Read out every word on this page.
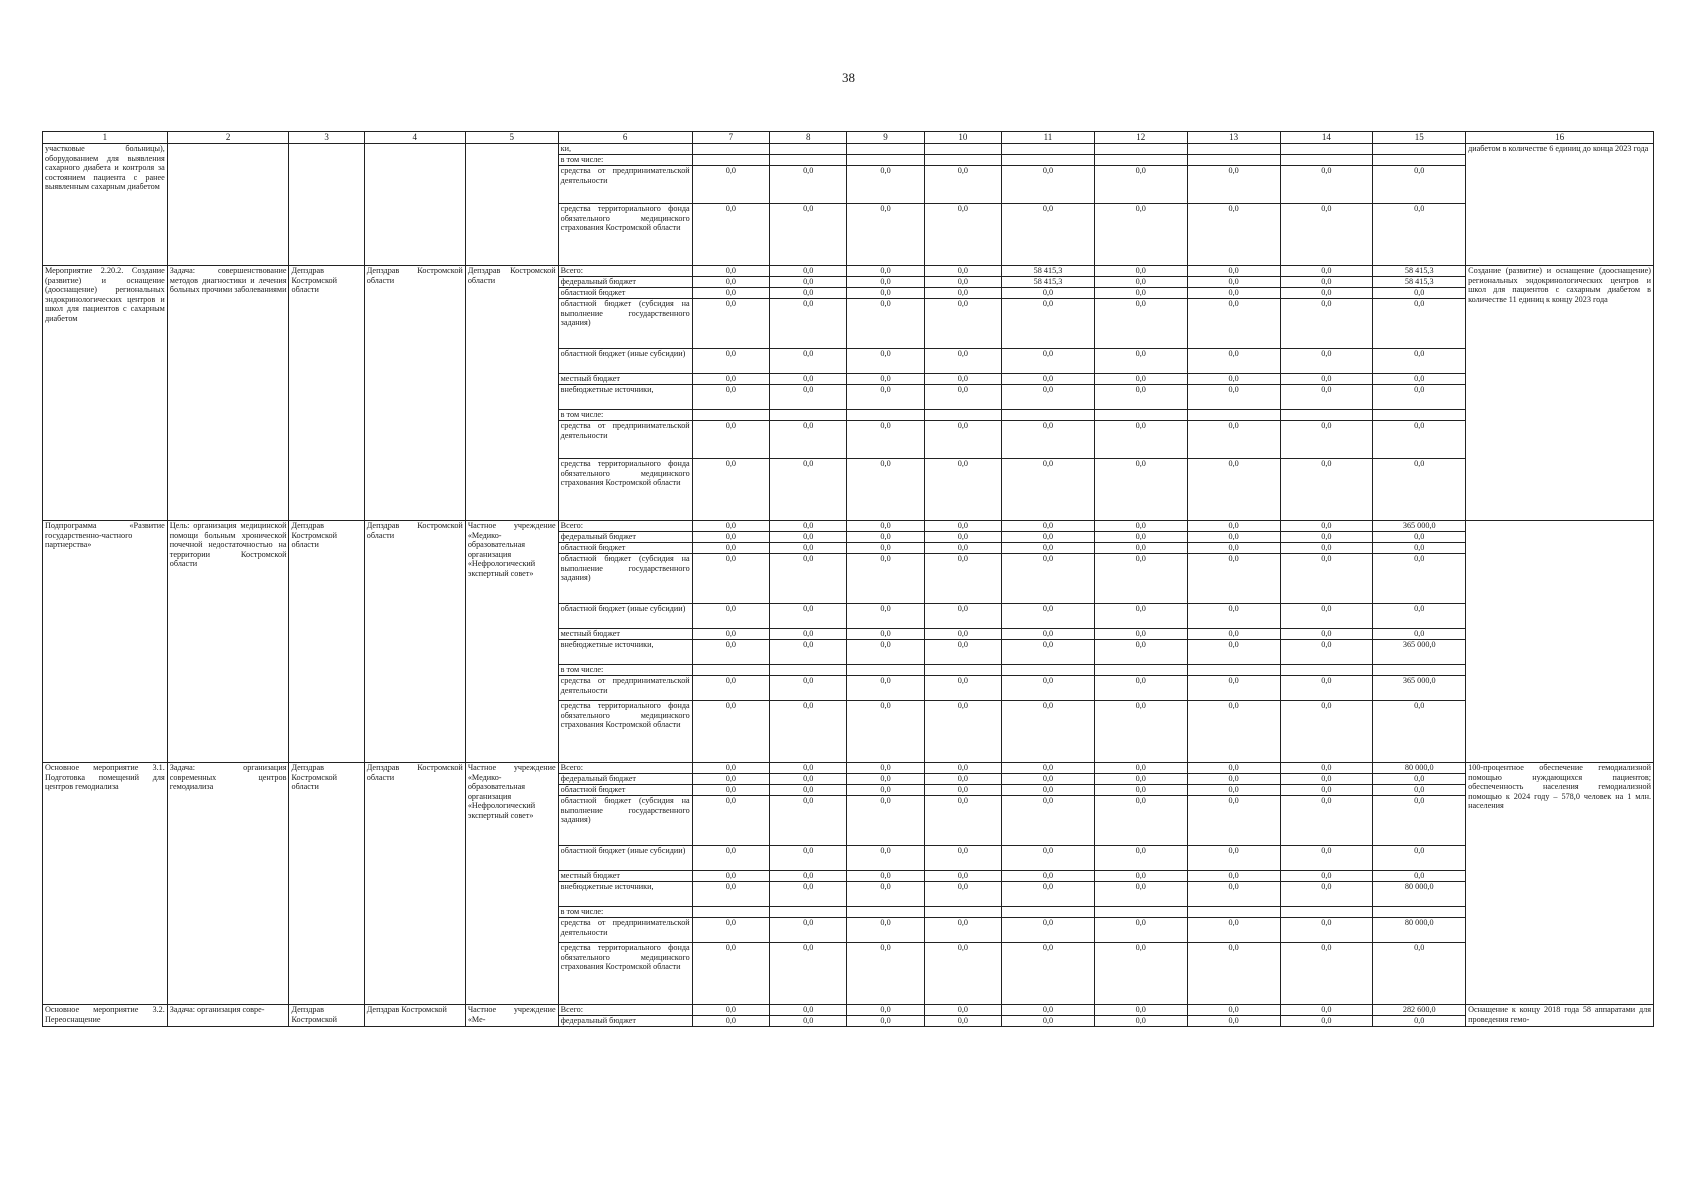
38
1	2	3	4	5	6	7	8	9	10	11	12	13	14	15	16
участковые больницы), оборудованием для выявления сахарного диабета и контроля за состоянием пациента с ранее выявленным сахарным диабетом					ки,										диабетом в количестве 6 единиц до конца 2023 года
					в том числе:										
					средства от предпринимательской деятельности	0,0	0,0	0,0	0,0	0,0	0,0	0,0	0,0	0,0	
					средства территориального фонда обязательного медицинского страхования Костромской области	0,0	0,0	0,0	0,0	0,0	0,0	0,0	0,0	0,0	
Мероприятие 2.20.2. Создание (развитие) и оснащение (дооснащение) региональных эндокринологических центров и школ для пациентов с сахарным диабетом	Задача: совершенствование методов диагностики и лечения больных прочими заболеваниями	Депздрав Костромской области	Депздрав Костромской области	Депздрав Костромской области	Всего:	0,0	0,0	0,0	0,0	58 415,3	0,0	0,0	0,0	58 415,3	Создание (развитие) и оснащение (дооснащение) региональных эндокринологических центров и школ для пациентов с сахарным диабетом в количестве 11 единиц к концу 2023 года
					федеральный бюджет	0,0	0,0	0,0	0,0	58 415,3	0,0	0,0	0,0	58 415,3	
					областной бюджет	0,0	0,0	0,0	0,0	0,0	0,0	0,0	0,0	0,0	
					областной бюджет (субсидия на выполнение государственного задания)	0,0	0,0	0,0	0,0	0,0	0,0	0,0	0,0	0,0	
					областной бюджет (иные субсидии)	0,0	0,0	0,0	0,0	0,0	0,0	0,0	0,0	0,0	
					местный бюджет	0,0	0,0	0,0	0,0	0,0	0,0	0,0	0,0	0,0	
					внебюджетные источники,	0,0	0,0	0,0	0,0	0,0	0,0	0,0	0,0	0,0	
					в том числе:										
					средства от предпринимательской деятельности	0,0	0,0	0,0	0,0	0,0	0,0	0,0	0,0	0,0	
					средства территориального фонда обязательного медицинского страхования Костромской области	0,0	0,0	0,0	0,0	0,0	0,0	0,0	0,0	0,0	
Подпрограмма «Развитие государственно-частного партнерства»	Цель: организация медицинской помощи больным хронической почечной недостаточностью на территории Костромской области	Депздрав Костромской области	Депздрав Костромской области	Частное учреждение «Медико-образовательная организация «Нефрологический экспертный совет»	Всего:	0,0	0,0	0,0	0,0	0,0	0,0	0,0	0,0	365 000,0	
					федеральный бюджет	0,0	0,0	0,0	0,0	0,0	0,0	0,0	0,0	0,0	
					областной бюджет	0,0	0,0	0,0	0,0	0,0	0,0	0,0	0,0	0,0	
					областной бюджет (субсидия на выполнение государственного задания)	0,0	0,0	0,0	0,0	0,0	0,0	0,0	0,0	0,0	
					областной бюджет (иные субсидии)	0,0	0,0	0,0	0,0	0,0	0,0	0,0	0,0	0,0	
					местный бюджет	0,0	0,0	0,0	0,0	0,0	0,0	0,0	0,0	0,0	
					внебюджетные источники,	0,0	0,0	0,0	0,0	0,0	0,0	0,0	0,0	365 000,0	
					в том числе:										
					средства от предпринимательской деятельности	0,0	0,0	0,0	0,0	0,0	0,0	0,0	0,0	365 000,0	
					средства территориального фонда обязательного медицинского страхования Костромской области	0,0	0,0	0,0	0,0	0,0	0,0	0,0	0,0	0,0	
Основное мероприятие 3.1. Подготовка помещений для центров гемодиализа	Задача: организация современных центров гемодиализа	Депздрав Костромской области	Депздрав Костромской области	Частное учреждение «Медико-образовательная организация «Нефрологический экспертный совет»	Всего:	0,0	0,0	0,0	0,0	0,0	0,0	0,0	0,0	80 000,0	100-процентное обеспечение гемодиализной помощью нуждающихся пациентов; обеспеченность населения гемодиализной помощью к 2024 году – 578,0 человек на 1 млн. населения
					федеральный бюджет	0,0	0,0	0,0	0,0	0,0	0,0	0,0	0,0	0,0	
					областной бюджет	0,0	0,0	0,0	0,0	0,0	0,0	0,0	0,0	0,0	
					областной бюджет (субсидия на выполнение государственного задания)	0,0	0,0	0,0	0,0	0,0	0,0	0,0	0,0	0,0	
					областной бюджет (иные субсидии)	0,0	0,0	0,0	0,0	0,0	0,0	0,0	0,0	0,0	
					местный бюджет	0,0	0,0	0,0	0,0	0,0	0,0	0,0	0,0	0,0	
					внебюджетные источники,	0,0	0,0	0,0	0,0	0,0	0,0	0,0	0,0	80 000,0	
					в том числе:										
					средства от предпринимательской деятельности	0,0	0,0	0,0	0,0	0,0	0,0	0,0	0,0	80 000,0	
					средства территориального фонда обязательного медицинского страхования Костромской области	0,0	0,0	0,0	0,0	0,0	0,0	0,0	0,0	0,0	
Основное мероприятие 3.2. Переоснащение	Задача: организация совре-	Депздрав Костромской	Депздрав Костромской	Частное учреждение «Ме-	Всего:	0,0	0,0	0,0	0,0	0,0	0,0	0,0	0,0	282 600,0	Оснащение к концу 2018 года 58 аппаратами для проведения гемо-
					федеральный бюджет	0,0	0,0	0,0	0,0	0,0	0,0	0,0	0,0	0,0	
